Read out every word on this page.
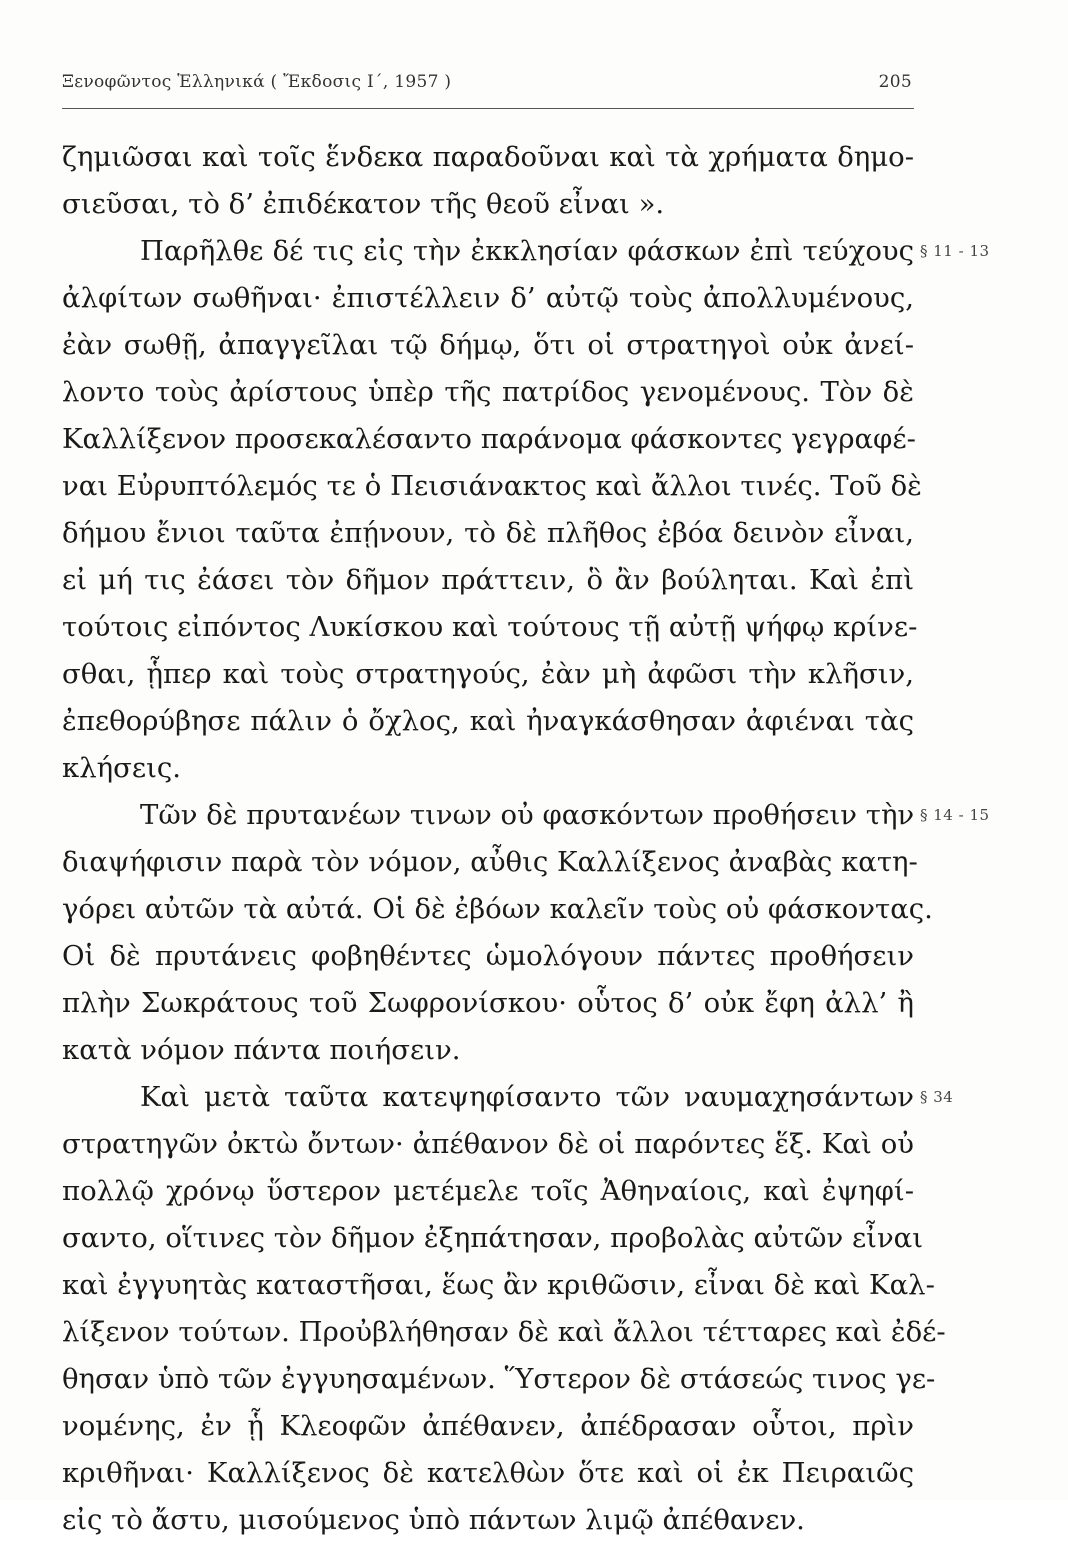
Ξενοφῶντος Ἑλληνικά ( Ἔκδοσις Ι΄, 1957 )	205
ζημιῶσαι καὶ τοῖς ἕνδεκα παραδοῦναι καὶ τὰ χρήματα δημο-
σιεῦσαι, τὸ δ’ ἐπιδέκατον τῆς θεοῦ εἶναι ».
Παρῆλθε δέ τις εἰς τὴν ἐκκλησίαν φάσκων ἐπὶ τεύχους § 11 - 13
ἀλφίτων σωθῆναι· ἐπιστέλλειν δ’ αὐτῷ τοὺς ἀπολλυμένους,
ἐὰν σωθῇ, ἀπαγγεῖλαι τῷ δήμῳ, ὅτι οἱ στρατηγοὶ οὐκ ἀνεί-
λοντο τοὺς ἀρίστους ὑπὲρ τῆς πατρίδος γενομένους. Τὸν δὲ
Καλλίξενον προσεκαλέσαντο παράνομα φάσκοντες γεγραφέ-
ναι Εὐρυπτόλεμός τε ὁ Πεισιάνακτος καὶ ἄλλοι τινές. Τοῦ δὲ
δήμου ἔνιοι ταῦτα ἐπῄνουν, τὸ δὲ πλῆθος ἐβόα δεινὸν εἶναι,
εἰ μή τις ἐάσει τὸν δῆμον πράττειν, ὃ ἂν βούληται. Καὶ ἐπὶ
τούτοις εἰπόντος Λυκίσκου καὶ τούτους τῇ αὐτῇ ψήφῳ κρίνε-
σθαι, ᾗπερ καὶ τοὺς στρατηγούς, ἐὰν μὴ ἀφῶσι τὴν κλῆσιν,
ἐπεθορύβησε πάλιν ὁ ὄχλος, καὶ ἠναγκάσθησαν ἀφιέναι τὰς
κλήσεις.
Τῶν δὲ πρυτανέων τινων οὐ φασκόντων προθήσειν τὴν § 14 - 15
διαψήφισιν παρὰ τὸν νόμον, αὖθις Καλλίξενος ἀναβὰς κατη-
γόρει αὐτῶν τὰ αὐτά. Οἱ δὲ ἐβόων καλεῖν τοὺς οὐ φάσκοντας.
Οἱ δὲ πρυτάνεις φοβηθέντες ὡμολόγουν πάντες προθήσειν
πλὴν Σωκράτους τοῦ Σωφρονίσκου· οὗτος δ’ οὐκ ἔφη ἀλλ’ ἢ
κατὰ νόμον πάντα ποιήσειν.
Καὶ μετὰ ταῦτα κατεψηφίσαντο τῶν ναυμαχησάντων § 34
στρατηγῶν ὀκτὼ ὄντων· ἀπέθανον δὲ οἱ παρόντες ἕξ. Καὶ οὐ
πολλῷ χρόνῳ ὕστερον μετέμελε τοῖς Ἀθηναίοις, καὶ ἐψηφί-
σαντο, οἵτινες τὸν δῆμον ἐξηπάτησαν, προβολὰς αὐτῶν εἶναι
καὶ ἐγγυητὰς καταστῆσαι, ἕως ἂν κριθῶσιν, εἶναι δὲ καὶ Καλ-
λίξενον τούτων. Προὐβλήθησαν δὲ καὶ ἄλλοι τέτταρες καὶ ἐδέ-
θησαν ὑπὸ τῶν ἐγγυησαμένων. Ὕστερον δὲ στάσεώς τινος γε-
νομένης, ἐν ᾗ Κλεοφῶν ἀπέθανεν, ἀπέδρασαν οὗτοι, πρὶν
κριθῆναι· Καλλίξενος δὲ κατελθὼν ὅτε καὶ οἱ ἐκ Πειραιῶς
εἰς τὸ ἄστυ, μισούμενος ὑπὸ πάντων λιμῷ ἀπέθανεν.
